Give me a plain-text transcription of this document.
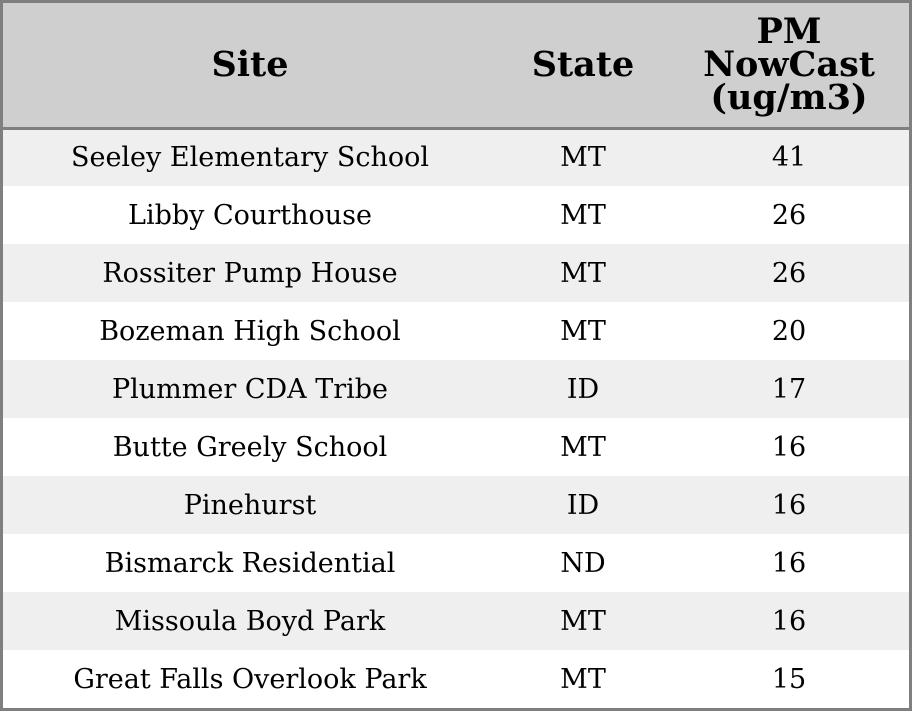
Site	State	PM
NowCast
(ug/m3)

Seeley Elementary School	MT	41
Libby Courthouse	MT	26
Rossiter Pump House	MT	26
Bozeman High School	MT	20
Plummer CDA Tribe	ID	17
Butte Greely School	MT	16
Pinehurst	ID	16
Bismarck Residential	ND	16
Missoula Boyd Park	MT	16
Great Falls Overlook Park	MT	15
